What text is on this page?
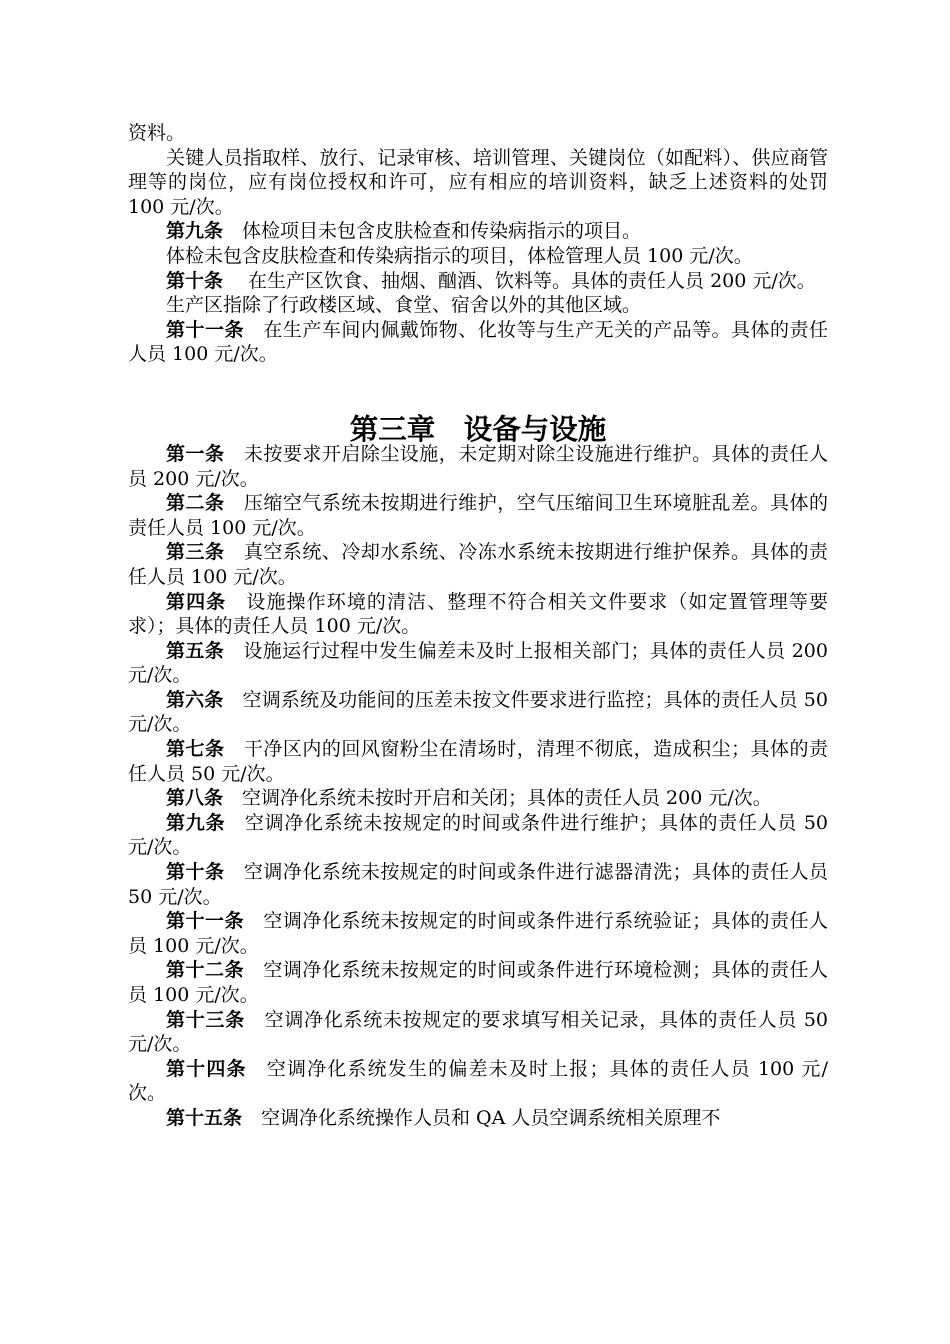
资料。

关键人员指取样、放行、记录审核、培训管理、关键岗位（如配料）、供应商管理等的岗位，应有岗位授权和许可，应有相应的培训资料，缺乏上述资料的处罚 100 元/次。

第九条 体检项目未包含皮肤检查和传染病指示的项目。

体检未包含皮肤检查和传染病指示的项目，体检管理人员 100 元/次。

第十条 在生产区饮食、抽烟、酗酒、饮料等。具体的责任人员 200 元/次。

生产区指除了行政楼区域、食堂、宿舍以外的其他区域。

第十一条 在生产车间内佩戴饰物、化妆等与生产无关的产品等。具体的责任人员 100 元/次。

第三章　设备与设施

第一条 未按要求开启除尘设施，未定期对除尘设施进行维护。具体的责任人员 200 元/次。

第二条 压缩空气系统未按期进行维护，空气压缩间卫生环境脏乱差。具体的责任人员 100 元/次。

第三条 真空系统、冷却水系统、冷冻水系统未按期进行维护保养。具体的责任人员 100 元/次。

第四条 设施操作环境的清洁、整理不符合相关文件要求（如定置管理等要求）；具体的责任人员 100 元/次。

第五条 设施运行过程中发生偏差未及时上报相关部门；具体的责任人员 200 元/次。

第六条 空调系统及功能间的压差未按文件要求进行监控；具体的责任人员 50 元/次。

第七条 干净区内的回风窗粉尘在清场时，清理不彻底，造成积尘；具体的责任人员 50 元/次。

第八条 空调净化系统未按时开启和关闭；具体的责任人员 200 元/次。

第九条 空调净化系统未按规定的时间或条件进行维护；具体的责任人员 50 元/次。

第十条 空调净化系统未按规定的时间或条件进行滤器清洗；具体的责任人员 50 元/次。

第十一条 空调净化系统未按规定的时间或条件进行系统验证；具体的责任人员 100 元/次。

第十二条 空调净化系统未按规定的时间或条件进行环境检测；具体的责任人员 100 元/次。

第十三条 空调净化系统未按规定的要求填写相关记录，具体的责任人员 50 元/次。

第十四条 空调净化系统发生的偏差未及时上报；具体的责任人员 100 元/次。

第十五条 空调净化系统操作人员和 QA 人员空调系统相关原理不
